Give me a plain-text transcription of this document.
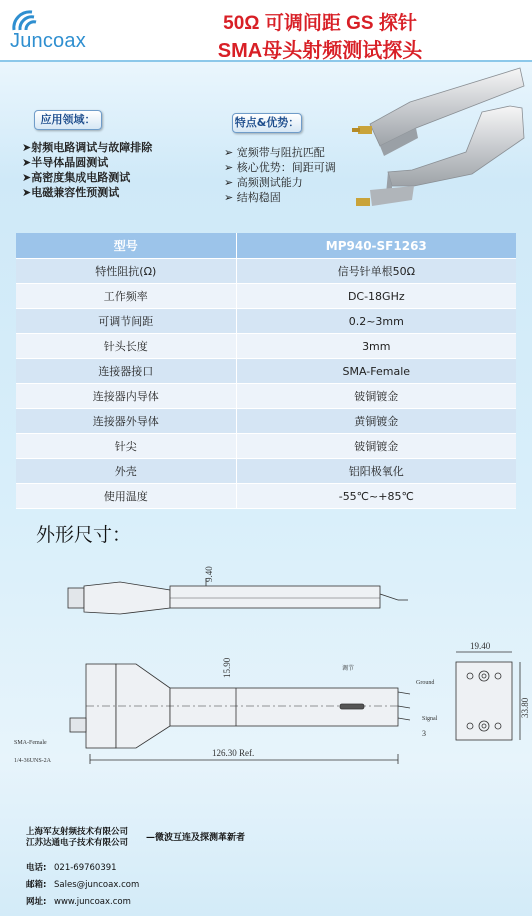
Juncoax
50Ω 可调间距 GS 探针
SMA母头射频测试探头
应用领域：	特点&优势：
➤射频电路调试与故障排除
➤半导体晶圆测试
➤高密度集成电路测试
➤电磁兼容性预测试
➢ 宽频带与阻抗匹配
➢ 核心优势：间距可调
➢ 高频测试能力
➢ 结构稳固
型号	MP940-SF1263
特性阻抗(Ω)	信号针单根50Ω
工作频率	DC-18GHz
可调节间距	0.2~3mm
针头长度	3mm
连接器接口	SMA-Female
连接器内导体	铍铜镀金
连接器外导体	黄铜镀金
针尖	铍铜镀金
外壳	铝阳极氧化
使用温度	-55℃~+85℃
外形尺寸：
9.40
15.90
126.30 Ref.
19.40
33.80
3
Ground
Signal
调节
SMA-Female
1/4-36UNS-2A
上海军友射频技术有限公司
江苏达通电子技术有限公司 —微波互连及探测革新者
电话: 021-69760391
邮箱: Sales@juncoax.com
网址: www.juncoax.com
